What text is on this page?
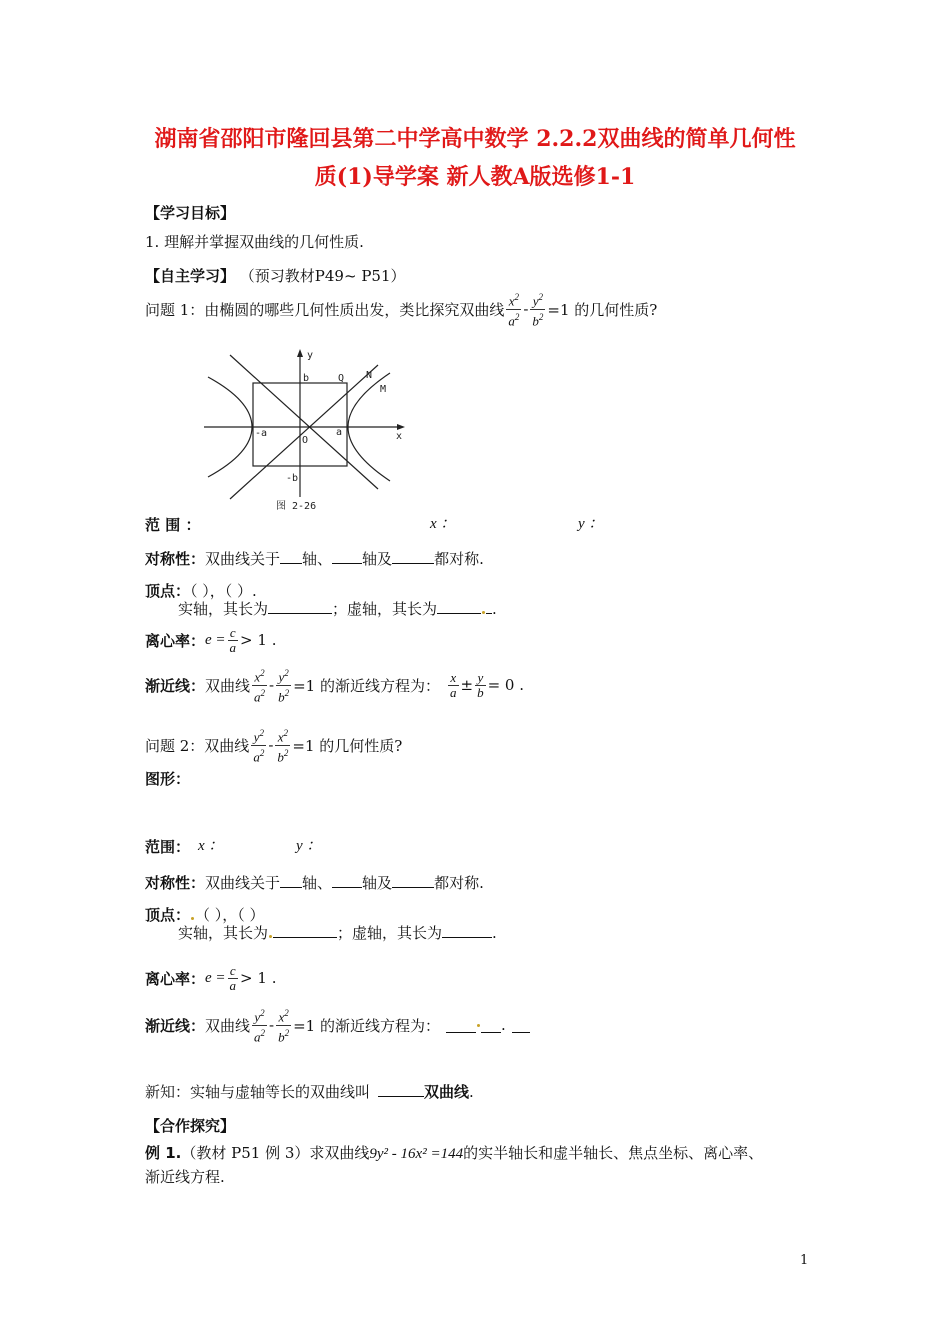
湖南省邵阳市隆回县第二中学高中数学 2.2.2双曲线的简单几何性
质(1)导学案 新人教A版选修1-1
【学习目标】
1. 理解并掌握双曲线的几何性质.
【自主学习】 （预习教材P49~ P51）
问题 1：由椭圆的哪些几何性质出发，类比探究双曲线 $\frac{x^2}{a^2} - \frac{y^2}{b^2} =1$ 的几何性质?
y
x
b
-b
a
-a
O
Q N
M
图 2-26
范 围 ：	x ：	y ：
对称性：双曲线关于 轴、 轴及	都对称.
顶点：（ ），（ ）.
实轴，其长为	；虚轴，其长为	.
离心率： $e = \frac{c}{a} > 1$ .
渐近线： 双曲线 $\frac{x^2}{a^2} - \frac{y^2}{b^2} =1$ 的渐近线方程为： $\frac{x}{a} \pm \frac{y}{b} = 0$ .
问题 2：双曲线 $\frac{y^2}{a^2} - \frac{x^2}{b^2} =1$ 的几何性质?
图形：
范围： x ：	y ：
对称性：双曲线关于 轴、 轴及	都对称.
顶点： （ ），（ ）
实轴，其长为	；虚轴，其长为	.
离心率： $e = \frac{c}{a} > 1$ .
渐近线： 双曲线 $\frac{y^2}{a^2} - \frac{x^2}{b^2} =1$ 的渐近线方程为：	.
新知：实轴与虚轴等长的双曲线叫	双曲线.
【合作探究】
例 1.（教材 P51 例 3）求双曲线9y² - 16x² =144的实半轴长和虚半轴长、焦点坐标、离心率、
渐近线方程.
1
